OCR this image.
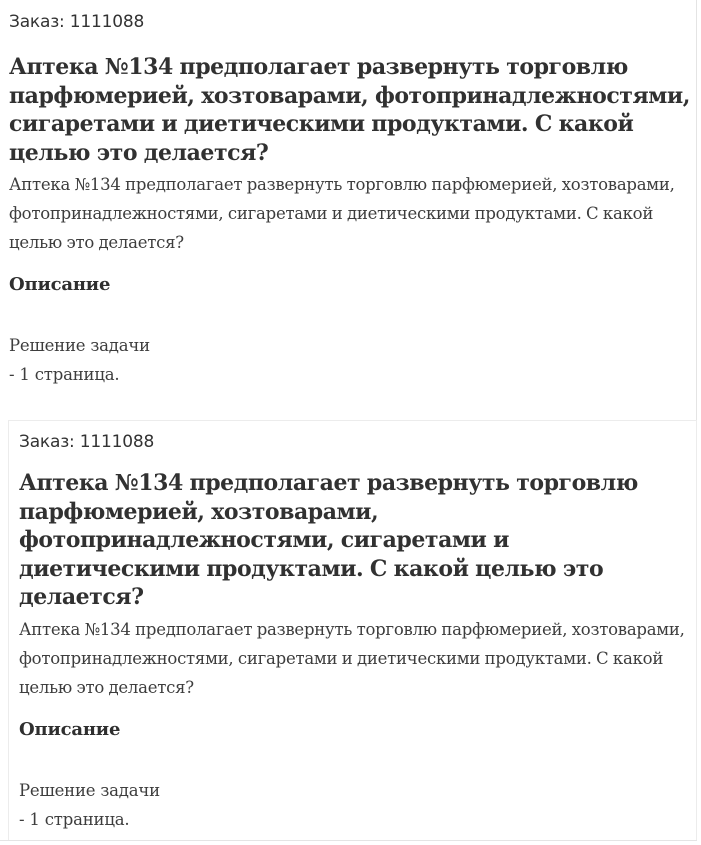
Заказ: 1111088
Аптека №134 предполагает развернуть торговлю парфюмерией, хозтоварами, фотопринадлежностями, сигаретами и диетическими продуктами. С какой целью это делается?

Аптека №134 предполагает развернуть торговлю парфюмерией, хозтоварами, фотопринадлежностями, сигаретами и диетическими продуктами. С какой целью это делается?

Описание
Решение задачи
- 1 страница.
Заказ: 1111088
Аптека №134 предполагает развернуть торговлю парфюмерией, хозтоварами, фотопринадлежностями, сигаретами и диетическими продуктами. С какой целью это делается?

Аптека №134 предполагает развернуть торговлю парфюмерией, хозтоварами, фотопринадлежностями, сигаретами и диетическими продуктами. С какой целью это делается?

Описание
Решение задачи
- 1 страница.
